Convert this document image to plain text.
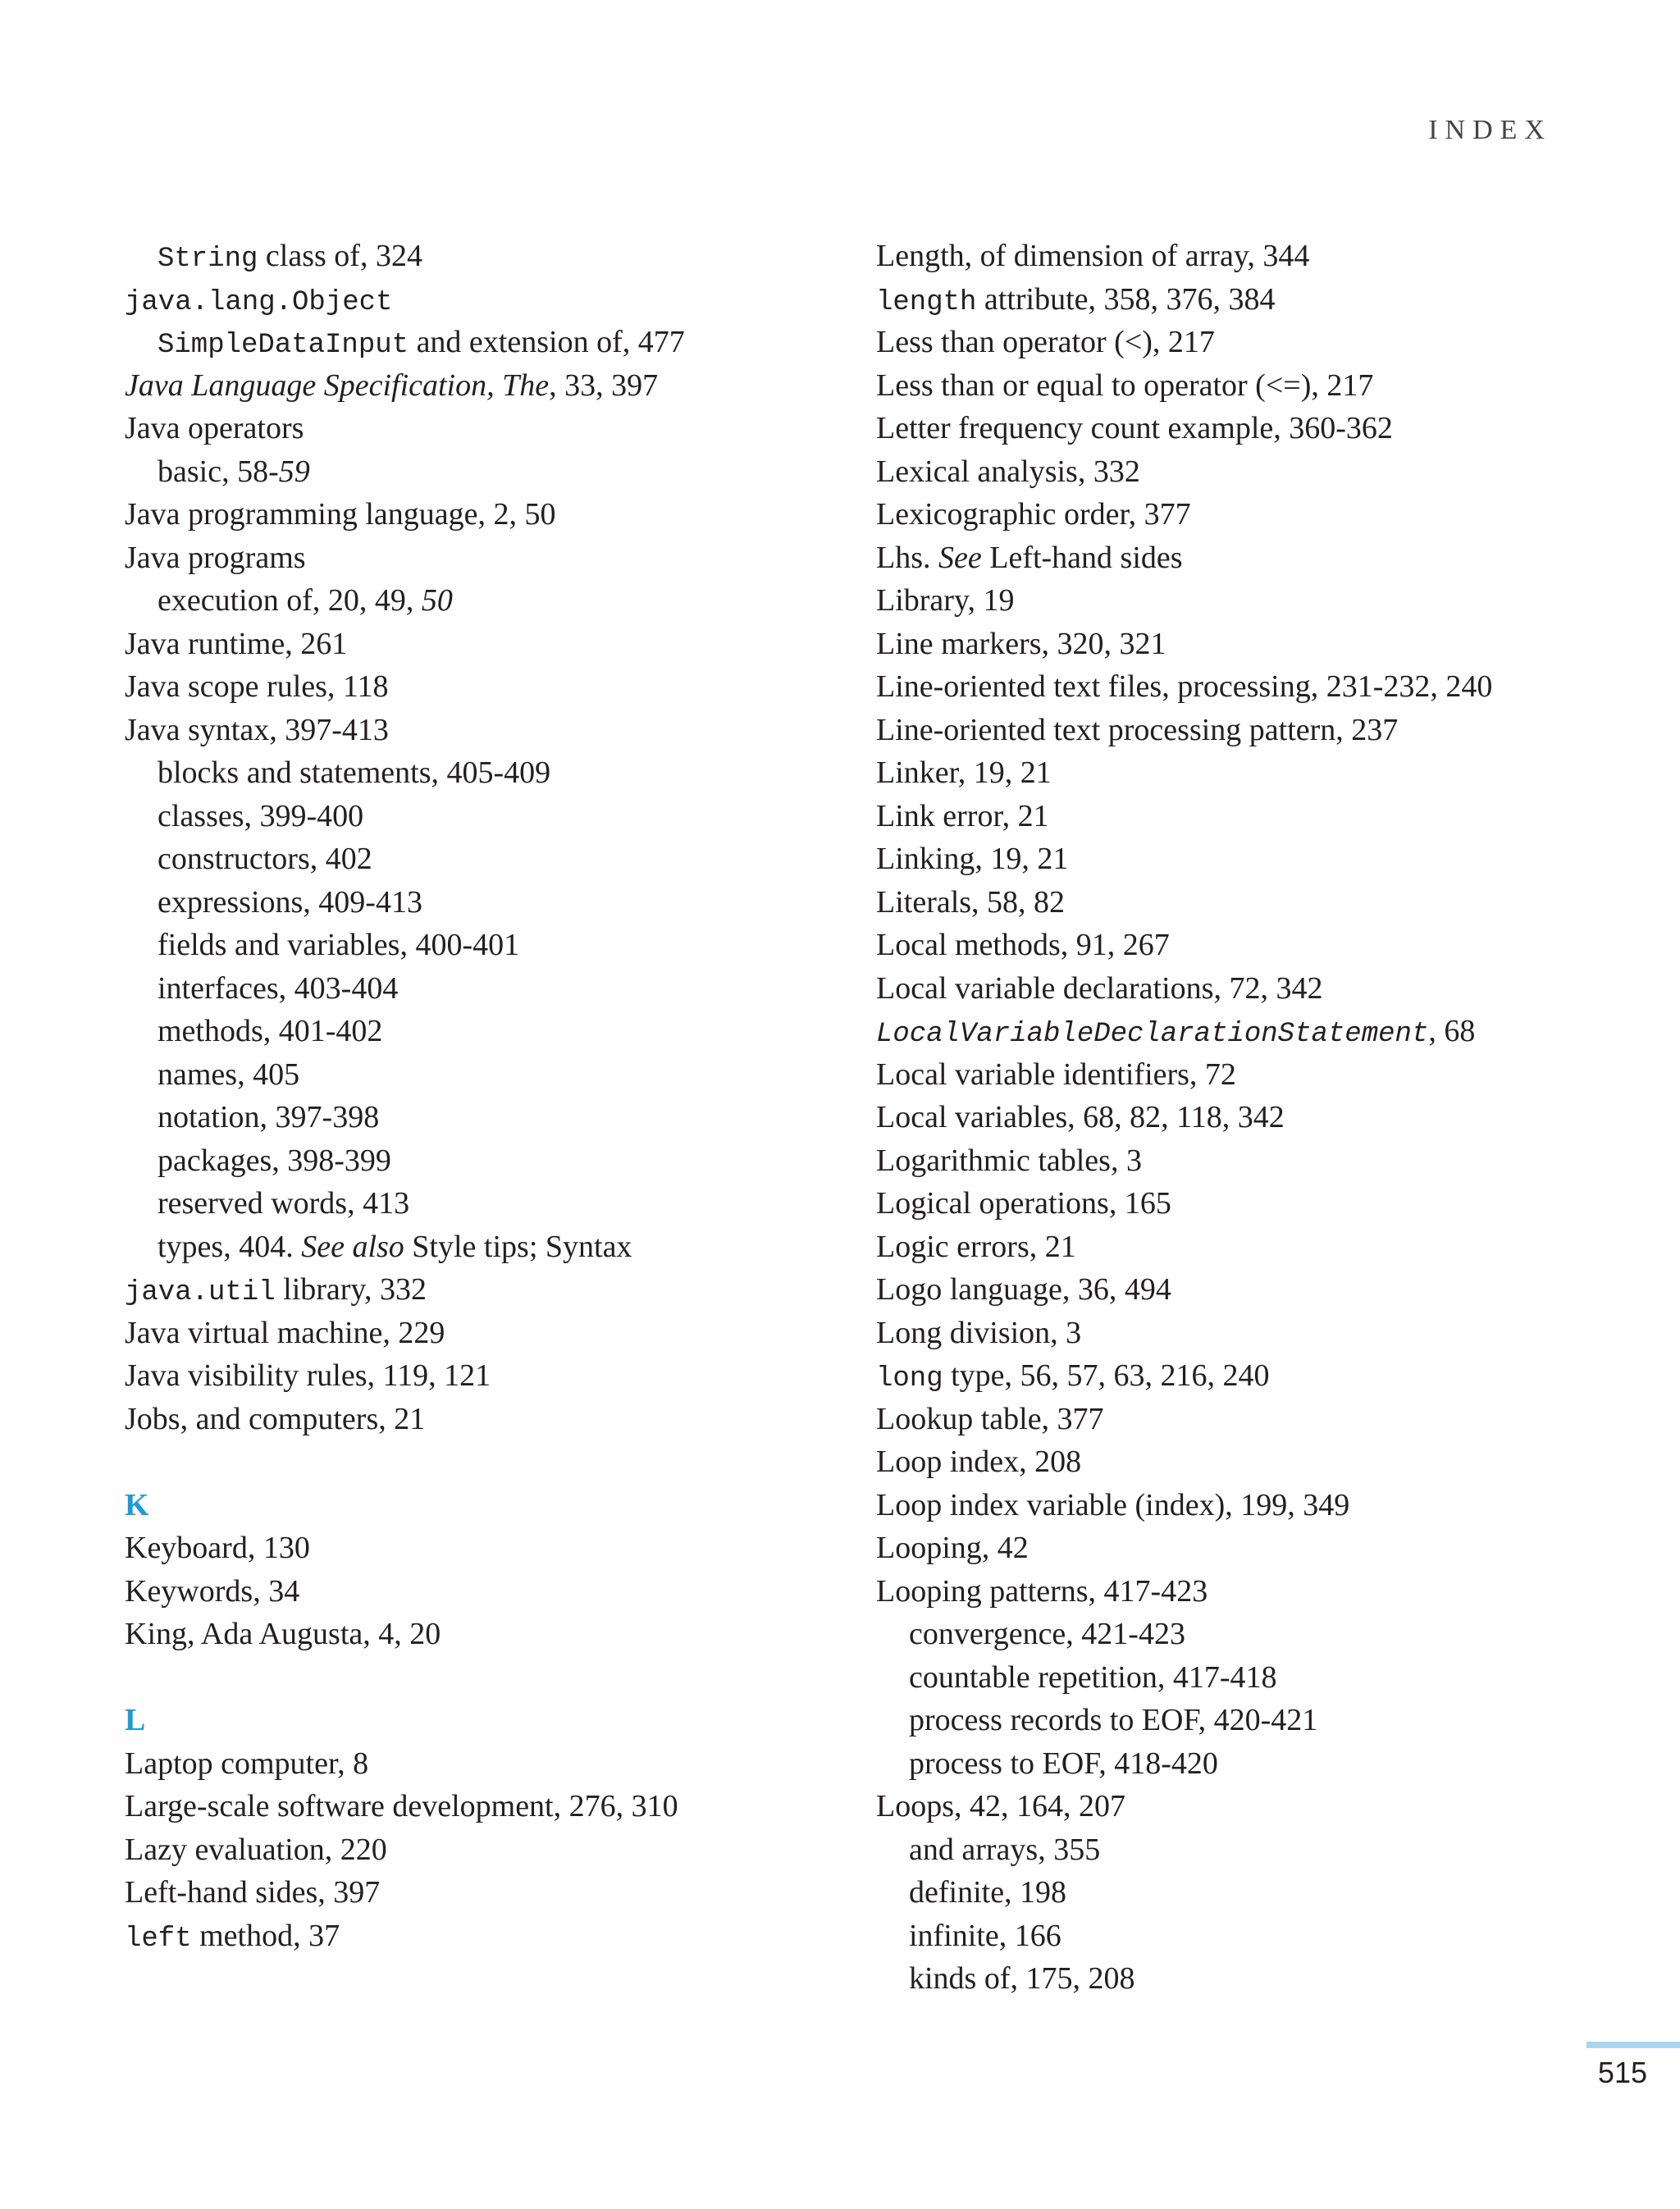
INDEX
String class of, 324
java.lang.Object
SimpleDataInput and extension of, 477
Java Language Specification, The, 33, 397
Java operators
basic, 58-59
Java programming language, 2, 50
Java programs
execution of, 20, 49, 50
Java runtime, 261
Java scope rules, 118
Java syntax, 397-413
blocks and statements, 405-409
classes, 399-400
constructors, 402
expressions, 409-413
fields and variables, 400-401
interfaces, 403-404
methods, 401-402
names, 405
notation, 397-398
packages, 398-399
reserved words, 413
types, 404. See also Style tips; Syntax
java.util library, 332
Java virtual machine, 229
Java visibility rules, 119, 121
Jobs, and computers, 21
K
Keyboard, 130
Keywords, 34
King, Ada Augusta, 4, 20
L
Laptop computer, 8
Large-scale software development, 276, 310
Lazy evaluation, 220
Left-hand sides, 397
left method, 37
Length, of dimension of array, 344
length attribute, 358, 376, 384
Less than operator (<), 217
Less than or equal to operator (<=), 217
Letter frequency count example, 360-362
Lexical analysis, 332
Lexicographic order, 377
Lhs. See Left-hand sides
Library, 19
Line markers, 320, 321
Line-oriented text files, processing, 231-232, 240
Line-oriented text processing pattern, 237
Linker, 19, 21
Link error, 21
Linking, 19, 21
Literals, 58, 82
Local methods, 91, 267
Local variable declarations, 72, 342
LocalVariableDeclarationStatement, 68
Local variable identifiers, 72
Local variables, 68, 82, 118, 342
Logarithmic tables, 3
Logical operations, 165
Logic errors, 21
Logo language, 36, 494
Long division, 3
long type, 56, 57, 63, 216, 240
Lookup table, 377
Loop index, 208
Loop index variable (index), 199, 349
Looping, 42
Looping patterns, 417-423
convergence, 421-423
countable repetition, 417-418
process records to EOF, 420-421
process to EOF, 418-420
Loops, 42, 164, 207
and arrays, 355
definite, 198
infinite, 166
kinds of, 175, 208
515
